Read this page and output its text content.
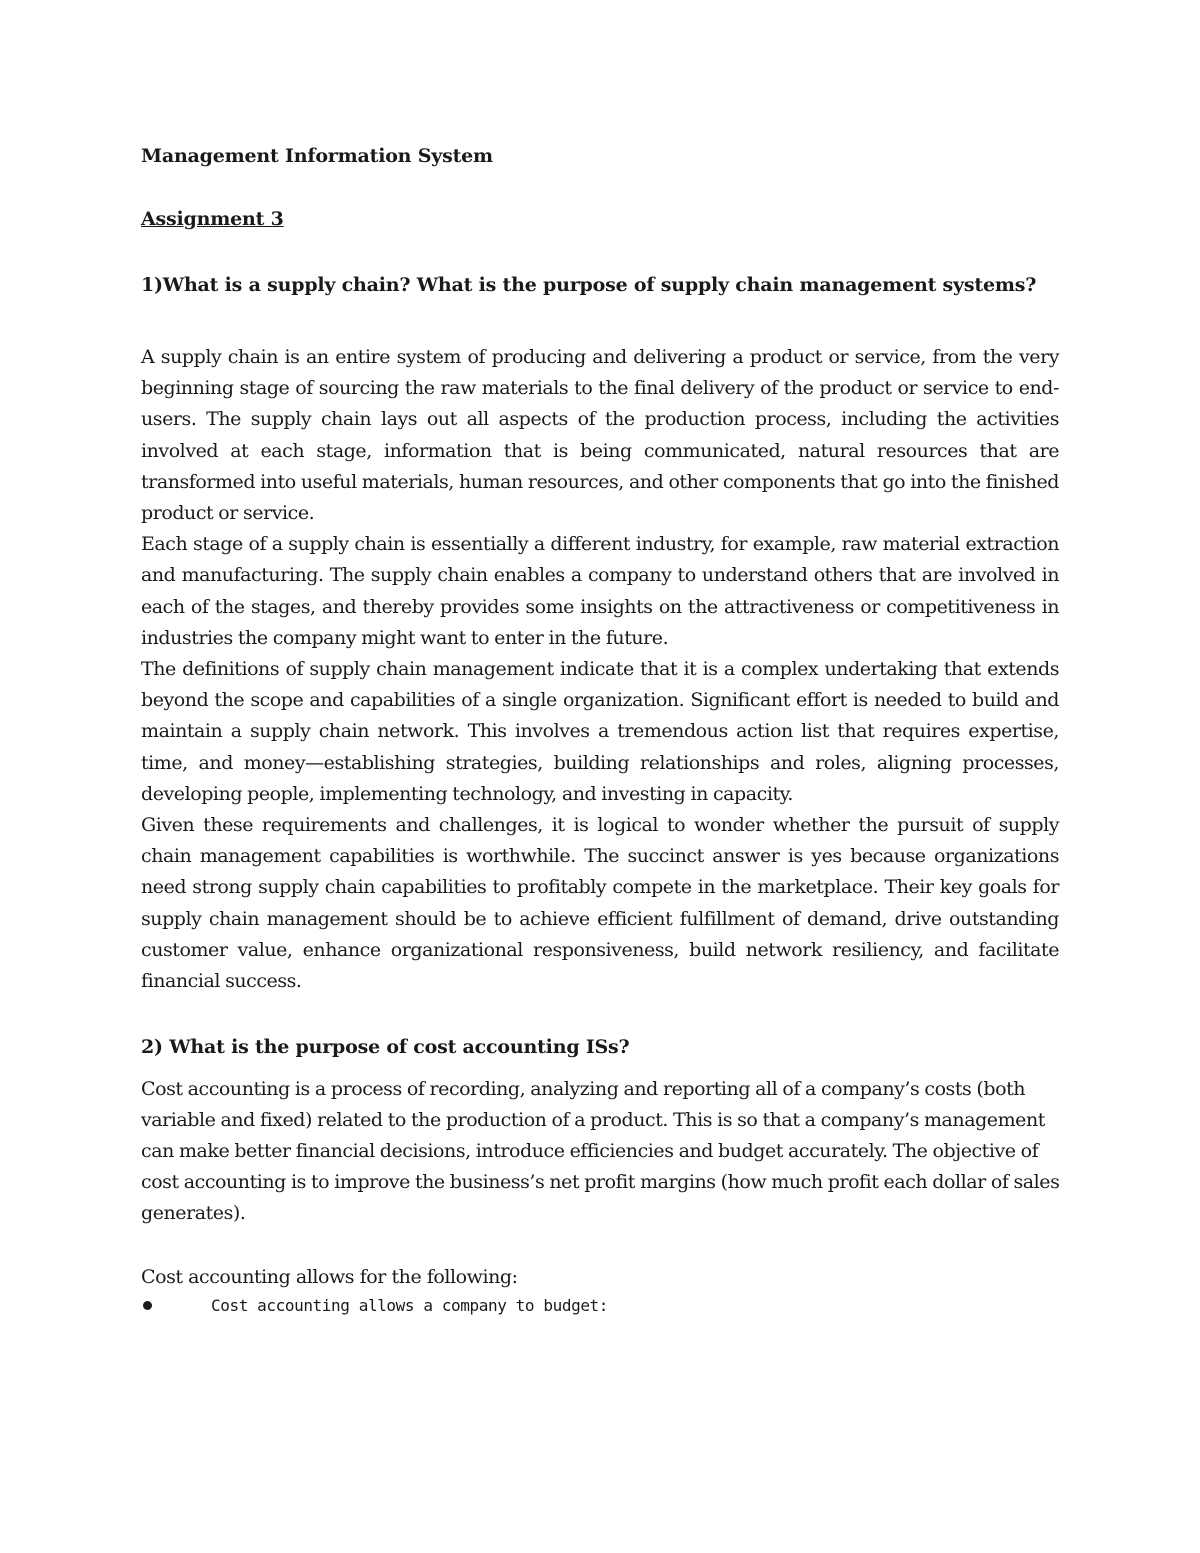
Management Information System
Assignment 3
1)What is a supply chain? What is the purpose of supply chain management systems?

A supply chain is an entire system of producing and delivering a product or service, from the very beginning stage of sourcing the raw materials to the final delivery of the product or service to end-users. The supply chain lays out all aspects of the production process, including the activities involved at each stage, information that is being communicated, natural resources that are transformed into useful materials, human resources, and other components that go into the finished product or service.

Each stage of a supply chain is essentially a different industry, for example, raw material extraction and manufacturing. The supply chain enables a company to understand others that are involved in each of the stages, and thereby provides some insights on the attractiveness or competitiveness in industries the company might want to enter in the future.

The definitions of supply chain management indicate that it is a complex undertaking that extends beyond the scope and capabilities of a single organization. Significant effort is needed to build and maintain a supply chain network. This involves a tremendous action list that requires expertise, time, and money—establishing strategies, building relationships and roles, aligning processes, developing people, implementing technology, and investing in capacity.

Given these requirements and challenges, it is logical to wonder whether the pursuit of supply chain management capabilities is worthwhile. The succinct answer is yes because organizations need strong supply chain capabilities to profitably compete in the marketplace. Their key goals for supply chain management should be to achieve efficient fulfillment of demand, drive outstanding customer value, enhance organizational responsiveness, build network resiliency, and facilitate financial success.

2) What is the purpose of cost accounting ISs?

Cost accounting is a process of recording, analyzing and reporting all of a company’s costs (both variable and fixed) related to the production of a product. This is so that a company’s management can make better financial decisions, introduce efficiencies and budget accurately. The objective of cost accounting is to improve the business’s net profit margins (how much profit each dollar of sales generates).

Cost accounting allows for the following:

Cost accounting allows a company to budget:
